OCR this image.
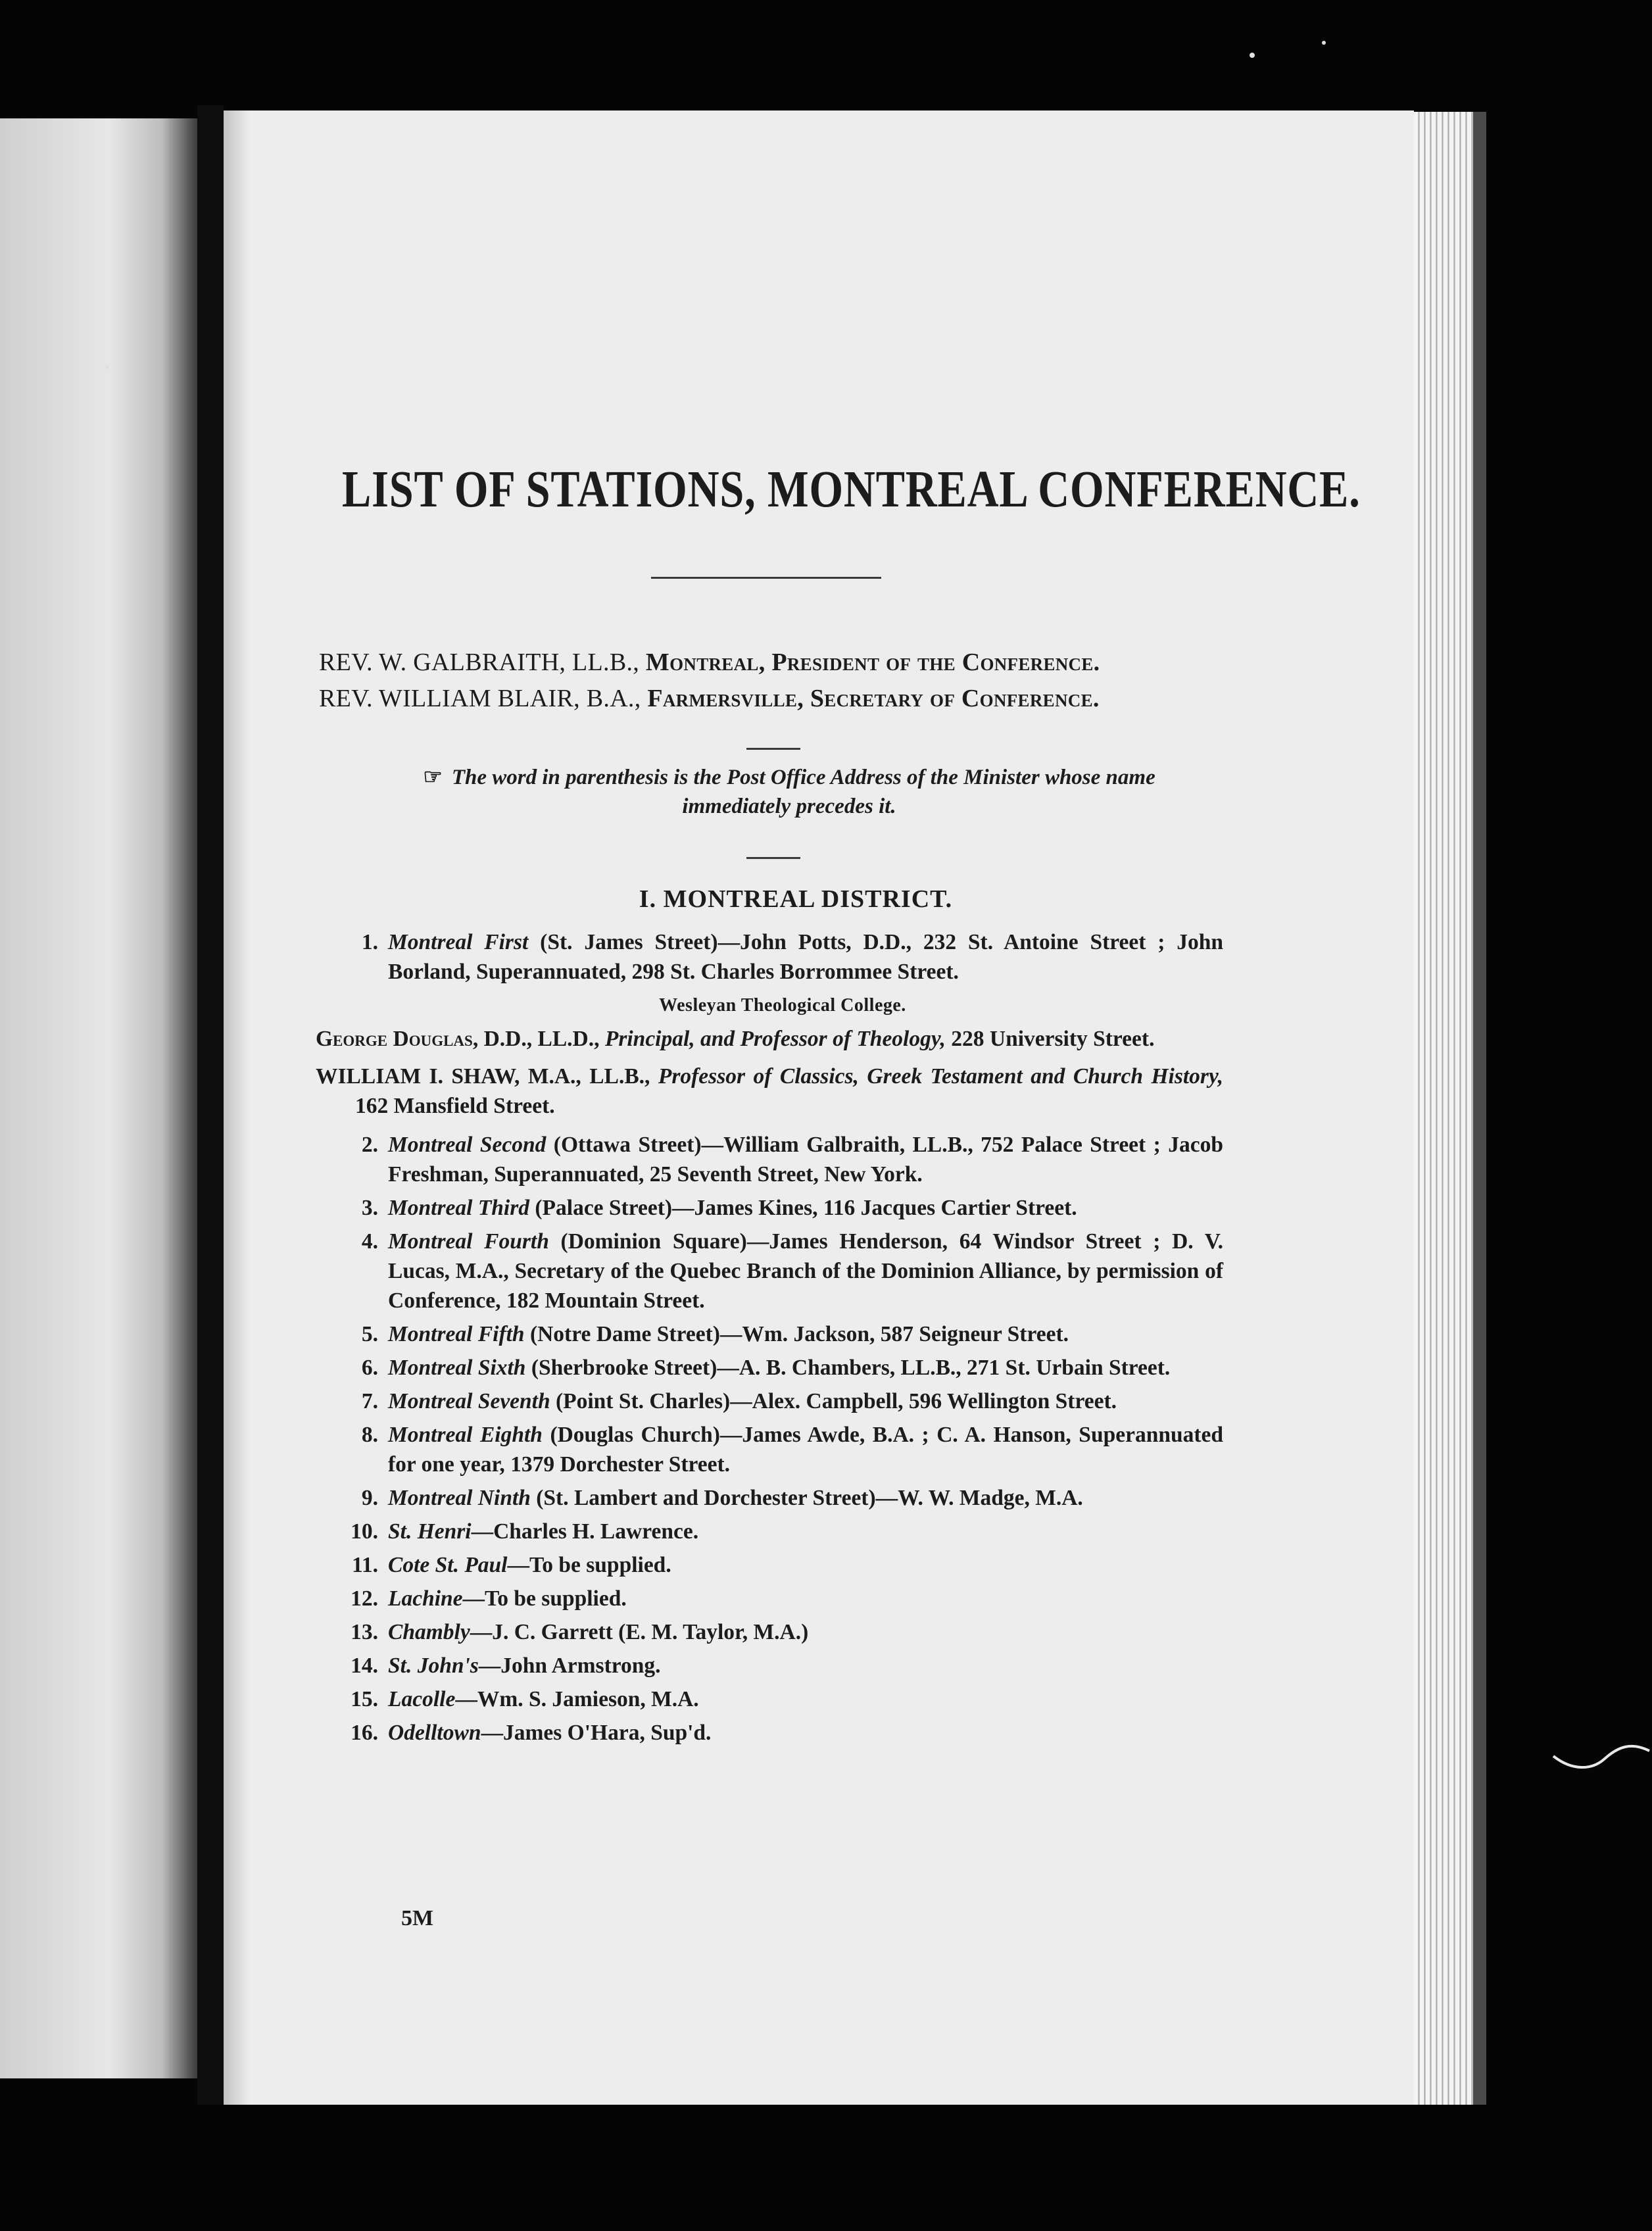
LIST OF STATIONS, MONTREAL CONFERENCE.
REV. W. GALBRAITH, LL.B., Montreal, President of the Conference.
REV. WILLIAM BLAIR, B.A., Farmersville, Secretary of Conference.
☞ The word in parenthesis is the Post Office Address of the Minister whose name
immediately precedes it.
I. MONTREAL DISTRICT.
1. Montreal First (St. James Street)—John Potts, D.D., 232 St. Antoine Street ; John Borland, Superannuated, 298 St. Charles Borrommee Street.
Wesleyan Theological College.
George Douglas, D.D., LL.D., Principal, and Professor of Theology, 228 University Street.
WILLIAM I. SHAW, M.A., LL.B., Professor of Classics, Greek Testament and Church History, 162 Mansfield Street.
2. Montreal Second (Ottawa Street)—William Galbraith, LL.B., 752 Palace Street ; Jacob Freshman, Superannuated, 25 Seventh Street, New York.
3. Montreal Third (Palace Street)—James Kines, 116 Jacques Cartier Street.
4. Montreal Fourth (Dominion Square)—James Henderson, 64 Windsor Street ; D. V. Lucas, M.A., Secretary of the Quebec Branch of the Dominion Alliance, by permission of Conference, 182 Mountain Street.
5. Montreal Fifth (Notre Dame Street)—Wm. Jackson, 587 Seigneur Street.
6. Montreal Sixth (Sherbrooke Street)—A. B. Chambers, LL.B., 271 St. Urbain Street.
7. Montreal Seventh (Point St. Charles)—Alex. Campbell, 596 Wellington Street.
8. Montreal Eighth (Douglas Church)—James Awde, B.A. ; C. A. Hanson, Superannuated for one year, 1379 Dorchester Street.
9. Montreal Ninth (St. Lambert and Dorchester Street)—W. W. Madge, M.A.
10. St. Henri—Charles H. Lawrence.
11. Cote St. Paul—To be supplied.
12. Lachine—To be supplied.
13. Chambly—J. C. Garrett (E. M. Taylor, M.A.)
14. St. John's—John Armstrong.
15. Lacolle—Wm. S. Jamieson, M.A.
16. Odelltown—James O'Hara, Sup'd.
5M
